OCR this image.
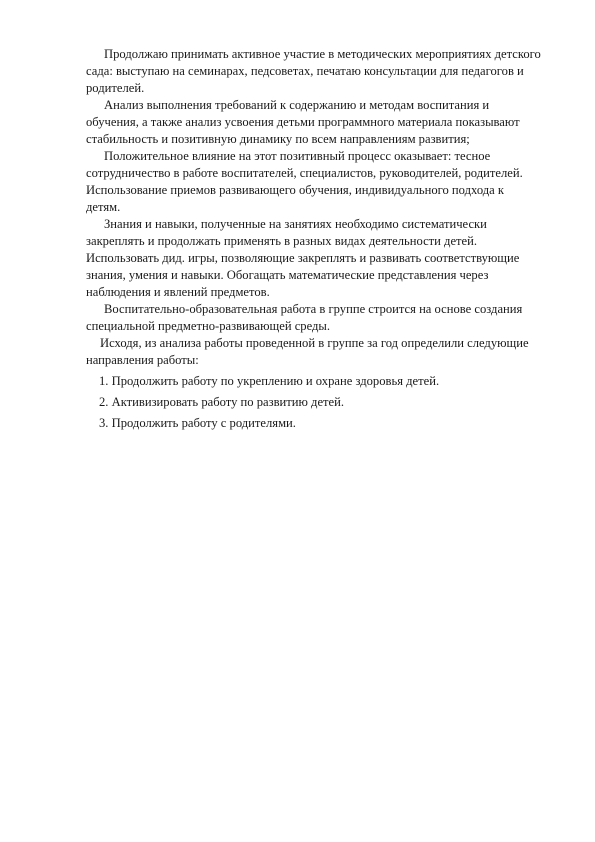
Продолжаю принимать активное участие в методических мероприятиях детского сада: выступаю на семинарах, педсоветах, печатаю консультации для педагогов и родителей.

Анализ выполнения требований к содержанию и методам воспитания и обучения, а также анализ усвоения детьми программного материала показывают стабильность и позитивную динамику по всем направлениям развития;

Положительное влияние на этот позитивный процесс оказывает: тесное сотрудничество в работе воспитателей, специалистов, руководителей, родителей. Использование приемов развивающего обучения, индивидуального подхода к детям.

Знания и навыки, полученные на занятиях необходимо систематически закреплять и продолжать применять в разных видах деятельности детей. Использовать дид. игры, позволяющие закреплять и развивать соответствующие знания, умения и навыки. Обогащать математические представления через наблюдения и явлений предметов.

Воспитательно-образовательная работа в группе строится на основе создания специальной предметно-развивающей среды.

Исходя, из анализа работы проведенной в группе за год определили следующие направления работы:

1. Продолжить работу по укреплению и охране здоровья детей.
2. Активизировать работу по развитию детей.
3. Продолжить работу с родителями.
